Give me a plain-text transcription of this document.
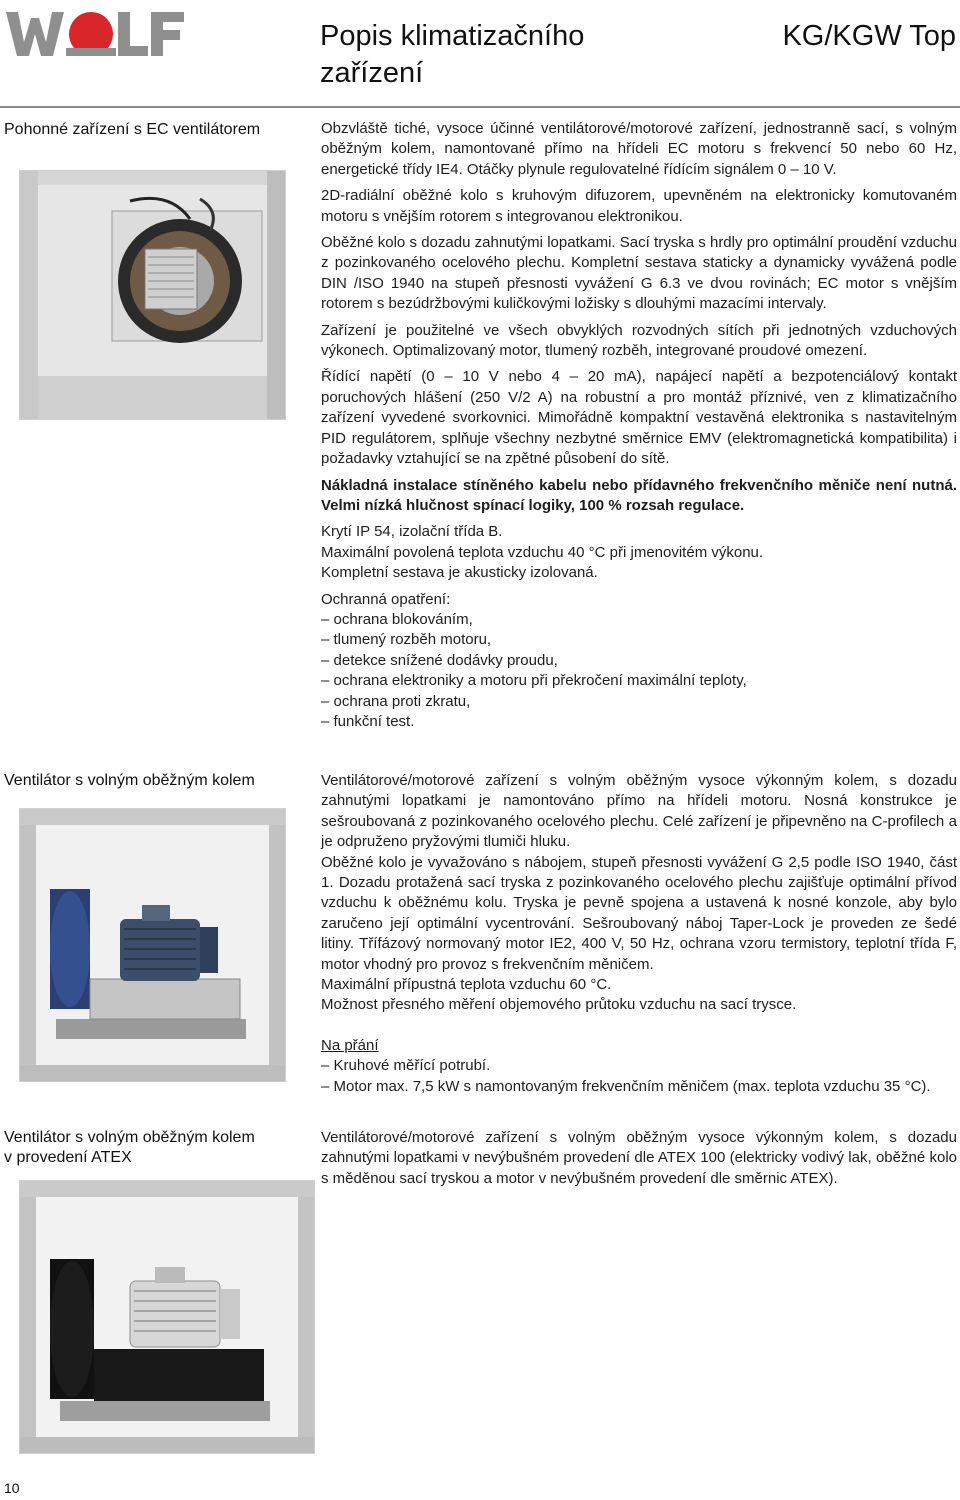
Popis klimatizačního zařízení
KG/KGW Top
Pohonné zařízení s EC ventilátorem	Obzvláště tiché, vysoce účinné ventilátorové/motorové zařízení, jednostranně sací, s volným oběžným kolem, namontované přímo na hřídeli EC motoru s frekvencí 50 nebo 60 Hz, energetické třídy IE4. Otáčky plynule regulovatelné řídícím signálem 0 – 10 V.

2D-radiální oběžné kolo s kruhovým difuzorem, upevněném na elektronicky komutovaném motoru s vnějším rotorem s integrovanou elektronikou.

Oběžné kolo s dozadu zahnutými lopatkami. Sací tryska s hrdly pro optimální proudění vzduchu z pozinkovaného ocelového plechu. Kompletní sestava staticky a dynamicky vyvážená podle DIN /ISO 1940 na stupeň přesnosti vyvážení G 6.3 ve dvou rovinách; EC motor s vnějším rotorem s bezúdržbovými kuličkovými ložisky s dlouhými mazacími intervaly.

Zařízení je použitelné ve všech obvyklých rozvodných sítích při jednotných vzduchových výkonech. Optimalizovaný motor, tlumený rozběh, integrované proudové omezení.

Řídící napětí (0 – 10 V nebo 4 – 20 mA), napájecí napětí a bezpotenciálový kontakt poruchových hlášení (250 V/2 A) na robustní a pro montáž příznivé, ven z klimatizačního zařízení vyvedené svorkovnici. Mimořádně kompaktní vestavěná elektronika s nastavitelným PID regulátorem, splňuje všechny nezbytné směrnice EMV (elektromagnetická kompatibilita) i požadavky vztahující se na zpětné působení do sítě.

Nákladná instalace stíněného kabelu nebo přídavného frekvenčního měniče není nutná. Velmi nízká hlučnost spínací logiky, 100 % rozsah regulace.

Krytí IP 54, izolační třída B.

Maximální povolená teplota vzduchu 40 °C při jmenovitém výkonu.

Kompletní sestava je akusticky izolovaná.

Ochranná opatření:

– ochrana blokováním,
– tlumený rozběh motoru,
– detekce snížené dodávky proudu,
– ochrana elektroniky a motoru při překročení maximální teploty,
– ochrana proti zkratu,
– funkční test.
Ventilátor s volným oběžným kolem	Ventilátorové/motorové zařízení s volným oběžným vysoce výkonným kolem, s dozadu zahnutými lopatkami je namontováno přímo na hřídeli motoru. Nosná konstrukce je sešroubovaná z pozinkovaného ocelového plechu. Celé zařízení je připevněno na C-profilech a je odpruženo pryžovými tlumiči hluku.

Oběžné kolo je vyvažováno s nábojem, stupeň přesnosti vyvážení G 2,5 podle ISO 1940, část 1. Dozadu protažená sací tryska z pozinkovaného ocelového plechu zajišťuje optimální přívod vzduchu k oběžnému kolu. Tryska je pevně spojena a ustavená k nosné konzole, aby bylo zaručeno její optimální vycentrování. Sešroubovaný náboj Taper-Lock je proveden ze šedé litiny. Třífázový normovaný motor IE2, 400 V, 50 Hz, ochrana vzoru termistory, teplotní třída F, motor vhodný pro provoz s frekvenčním měničem.

Maximální přípustná teplota vzduchu 60 °C.

Možnost přesného měření objemového průtoku vzduchu na sací trysce.

Na přání

– Kruhové měřící potrubí.
– Motor max. 7,5 kW s namontovaným frekvenčním měničem (max. teplota vzduchu 35 °C).
Ventilátor s volným oběžným kolem v provedení ATEX

Ventilátorové/motorové zařízení s volným oběžným vysoce výkonným kolem, s dozadu zahnutými lopatkami v nevýbušném provedení dle ATEX 100 (elektricky vodivý lak, oběžné kolo s měděnou sací tryskou a motor v nevýbušném provedení dle směrnic ATEX).

10
